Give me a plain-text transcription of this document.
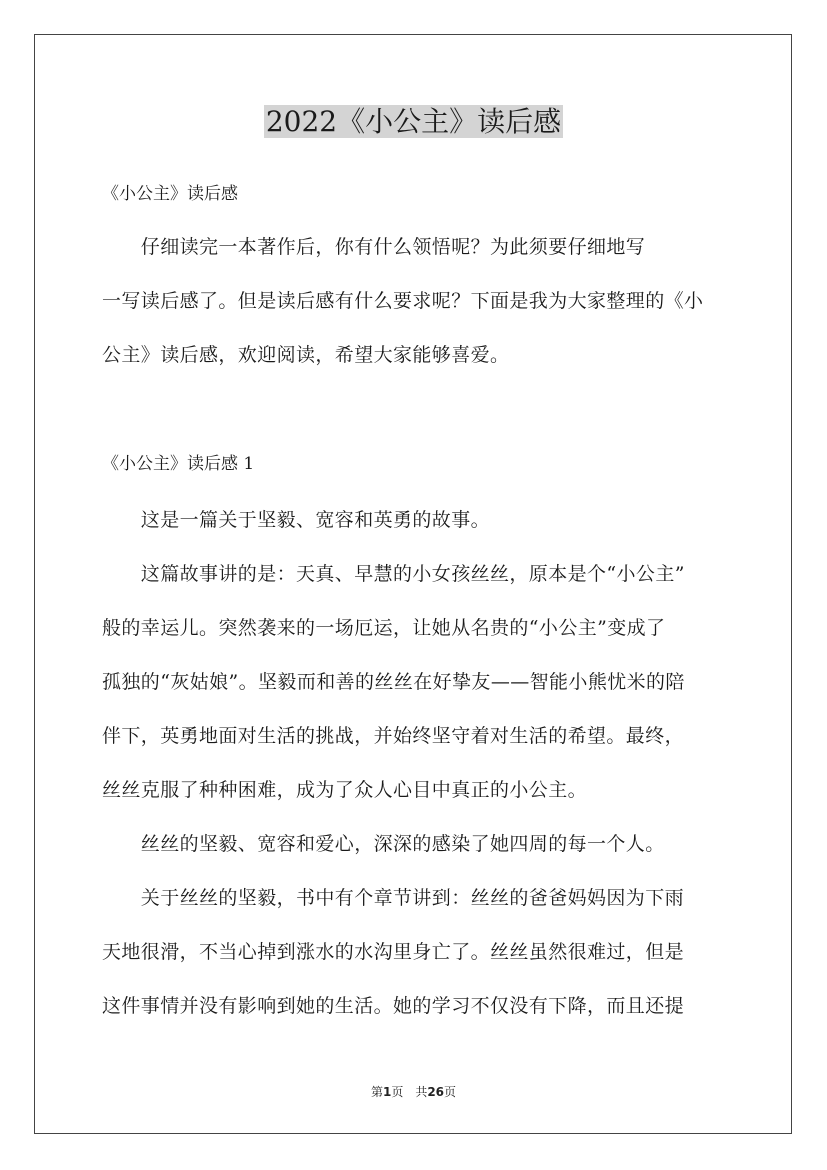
2022《小公主》读后感
《小公主》读后感
　　仔细读完一本著作后，你有什么领悟呢？为此须要仔细地写
一写读后感了。但是读后感有什么要求呢？下面是我为大家整理的《小
公主》读后感，欢迎阅读，希望大家能够喜爱。
《小公主》读后感 1
　　这是一篇关于坚毅、宽容和英勇的故事。
　　这篇故事讲的是：天真、早慧的小女孩丝丝，原本是个“小公主”
般的幸运儿。突然袭来的一场厄运，让她从名贵的“小公主”变成了
孤独的“灰姑娘”。坚毅而和善的丝丝在好挚友——智能小熊忧米的陪
伴下，英勇地面对生活的挑战，并始终坚守着对生活的希望。最终，
丝丝克服了种种困难，成为了众人心目中真正的小公主。
　　丝丝的坚毅、宽容和爱心，深深的感染了她四周的每一个人。
　　关于丝丝的坚毅，书中有个章节讲到：丝丝的爸爸妈妈因为下雨
天地很滑，不当心掉到涨水的水沟里身亡了。丝丝虽然很难过，但是
这件事情并没有影响到她的生活。她的学习不仅没有下降，而且还提
第1页　共26页
